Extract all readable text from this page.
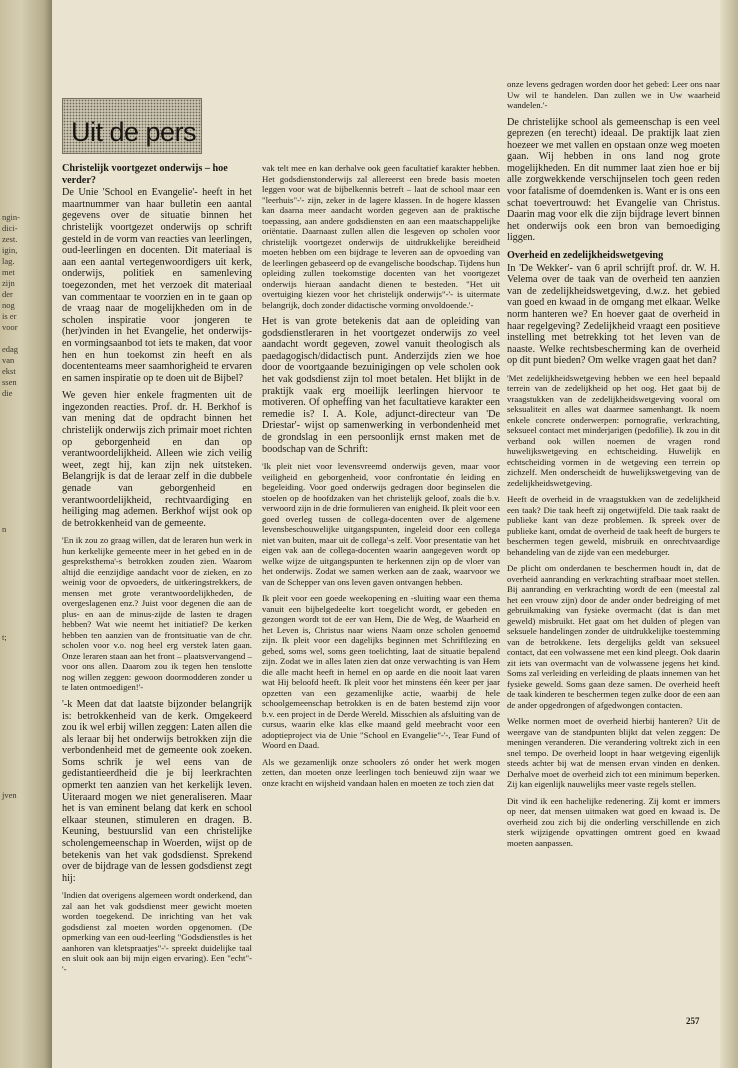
ngin-
dici-
zest.
igin,
lag.
met
zijn
der
nog
is er
voor
edag
van
ekst
ssen
die
n
t;
jven
Uit de pers
Christelijk voortgezet onderwijs – hoe verder?
De Unie 'School en Evangelie'- heeft in het maartnummer van haar bulletin een aantal gegevens over de situatie binnen het christelijk voortgezet onderwijs op schrift gesteld in de vorm van reacties van leerlingen, oud-leerlingen en docenten. Dit materiaal is aan een aantal vertegenwoordigers uit kerk, onderwijs, politiek en samenleving toegezonden, met het verzoek dit materiaal van commentaar te voorzien en in te gaan op de vraag naar de mogelijkheden om in de scholen inspiratie voor jongeren te (her)vinden in het Evangelie, het onderwijs- en vormingsaanbod tot iets te maken, dat voor hen en hun toekomst zin heeft en als docententeams meer saamhorigheid te ervaren en samen inspiratie op te doen uit de Bijbel?
We geven hier enkele fragmenten uit de ingezonden reacties. Prof. dr. H. Berkhof is van mening dat de opdracht binnen het christelijk onderwijs zich primair moet richten op geborgenheid en dan op verantwoordelijkheid. Alleen wie zich veilig weet, zegt hij, kan zijn nek uitsteken. Belangrijk is dat de leraar zelf in die dubbele genade van geborgenheid en verantwoordelijkheid, rechtvaardiging en heiliging mag ademen. Berkhof wijst ook op de betrokkenheid van de gemeente.
'En ik zou zo graag willen, dat de leraren hun werk in hun kerkelijke gemeente meer in het gebed en in de gespreksthema'-s betrokken zouden zien. Waarom altijd die eenzijdige aandacht voor de zieken, en zo weinig voor de opvoeders, de uitkeringstrekkers, de mensen met grote verantwoordelijkheden, de overgeslagenen enz.? Juist voor degenen die aan de plus- en aan de minus-zijde de lasten te dragen hebben? Wat wie neemt het initiatief? De kerken hebben ten aanzien van de frontsituatie van de chr. scholen voor v.o. nog heel erg verstek laten gaan. Onze leraren staan aan het front – plaatsvervangend – voor ons allen. Daarom zou ik tegen hen tenslotte nog willen zeggen: gewoon doormodderen zonder u te laten ontmoedigen!'-
'-k Meen dat dat laatste bijzonder belangrijk is: betrokkenheid van de kerk. Omgekeerd zou ik wel erbij willen zeggen: Laten allen die als leraar bij het onderwijs betrokken zijn die verbondenheid met de gemeente ook zoeken. Soms schrik je wel eens van de gedistantieerdheid die je bij leerkrachten opmerkt ten aanzien van het kerkelijk leven. Uiteraard mogen we niet generaliseren. Maar het is van eminent belang dat kerk en school elkaar steunen, stimuleren en dragen. B. Keuning, bestuurslid van een christelijke scholengemeenschap in Woerden, wijst op de betekenis van het vak godsdienst. Sprekend over de bijdrage van de lessen godsdienst zegt hij:
'Indien dat overigens algemeen wordt onderkend, dan zal aan het vak godsdienst meer gewicht moeten worden toegekend. De inrichting van het vak godsdienst zal moeten worden opgenomen. (De opmerking van een oud-leerling "Godsdienstles is het aanhoren van kletspraatjes"-'- spreekt duidelijke taal en sluit ook aan bij mijn eigen ervaring). Een "echt"-'-
vak telt mee en kan derhalve ook geen facultatief karakter hebben. Het godsdienstonderwijs zal allereerst een brede basis moeten leggen voor wat de bijbelkennis betreft – laat de school maar een "leerhuis"-'- zijn, zeker in de lagere klassen. In de hogere klassen kan daarna meer aandacht worden gegeven aan de praktische toepassing, aan andere godsdiensten en aan een maatschappelijke oriëntatie. Daarnaast zullen allen die lesgeven op scholen voor christelijk voortgezet onderwijs de uitdrukkelijke bereidheid moeten hebben om een bijdrage te leveren aan de opvoeding van de leerlingen gebaseerd op de evangelische boodschap. Tijdens hun opleiding zullen toekomstige docenten van het voortgezet onderwijs hieraan aandacht dienen te besteden. "Het uit overtuiging kiezen voor het christelijk onderwijs"-'- is uitermate belangrijk, doch zonder didactische vorming onvoldoende.'-
Het is van grote betekenis dat aan de opleiding van godsdienstleraren in het voortgezet onderwijs zo veel aandacht wordt gegeven, zowel vanuit theologisch als paedagogisch/didactisch punt. Anderzijds zien we hoe door de voortgaande bezuinigingen op vele scholen ook het vak godsdienst zijn tol moet betalen. Het blijkt in de praktijk vaak erg moeilijk leerlingen hiervoor te motiveren. Of opheffing van het facultatieve karakter een remedie is? I. A. Kole, adjunct-directeur van 'De Driestar'- wijst op samenwerking in verbondenheid met de grondslag in een persoonlijk ernst maken met de boodschap van de Schrift:
'Ik pleit niet voor levensvreemd onderwijs geven, maar voor veiligheid en geborgenheid, voor confrontatie én leiding en begeleiding. Voor goed onderwijs gedragen door beginselen die stoelen op de hoofdzaken van het christelijk geloof, zoals die b.v. verwoord zijn in de drie formulieren van enigheid. Ik pleit voor een goed overleg tussen de collega-docenten over de algemene levensbeschouwelijke uitgangspunten, ingeleid door een collega niet van buiten, maar uit de collega'-s zelf. Voor presentatie van het eigen vak aan de collega-docenten waarin aangegeven wordt op welke wijze de uitgangspunten te herkennen zijn op de vloer van het onderwijs. Zodat we samen werken aan de zaak, waarvoor we van de Schepper van ons leven gaven ontvangen hebben.
Ik pleit voor een goede weekopening en -sluiting waar een thema vanuit een bijbelgedeelte kort toegelicht wordt, er gebeden en gezongen wordt tot de eer van Hem, Die de Weg, de Waarheid en het Leven is, Christus naar wiens Naam onze scholen genoemd zijn. Ik pleit voor een dagelijks beginnen met Schriftlezing en gebed, soms wel, soms geen toelichting, laat de situatie bepalend zijn. Zodat we in alles laten zien dat onze verwachting is van Hem die alle macht heeft in hemel en op aarde en die nooit laat varen wat Hij beloofd heeft. Ik pleit voor het minstens één keer per jaar opzetten van een gezamenlijke actie, waarbij de hele schoolgemeenschap betrokken is en de baten bestemd zijn voor b.v. een project in de Derde Wereld. Misschien als afsluiting van de cursus, waarin elke klas elke maand geld meebracht voor een adoptieproject via de Unie "School en Evangelie"-'-, Tear Fund of Woord en Daad.
Als we gezamenlijk onze schoolers zó onder het werk mogen zetten, dan moeten onze leerlingen toch benieuwd zijn waar we onze kracht en wijsheid vandaan halen en moeten ze toch zien dat
onze levens gedragen worden door het gebed: Leer ons naar Uw wil te handelen. Dan zullen we in Uw waarheid wandelen.'-
De christelijke school als gemeenschap is een veel geprezen (en terecht) ideaal. De praktijk laat zien hoezeer we met vallen en opstaan onze weg moeten gaan. Wij hebben in ons land nog grote mogelijkheden. En dit nummer laat zien hoe er bij alle zorgwekkende verschijnselen toch geen reden voor fatalisme of doemdenken is. Want er is ons een schat toevertrouwd: het Evangelie van Christus. Daarin mag voor elk die zijn bijdrage levert binnen het onderwijs ook een bron van bemoediging liggen.
Overheid en zedelijkheidswetgeving
In 'De Wekker'- van 6 april schrijft prof. dr. W. H. Velema over de taak van de overheid ten aanzien van de zedelijkheidswetgeving, d.w.z. het gebied van goed en kwaad in de omgang met elkaar. Welke norm hanteren we? En hoever gaat de overheid in haar regelgeving? Zedelijkheid vraagt een positieve instelling met betrekking tot het leven van de naaste. Welke rechtsbescherming kan de overheid op dit punt bieden? Om welke vragen gaat het dan?
'Met zedelijkheidswetgeving hebben we een heel bepaald terrein van de zedelijkheid op het oog. Het gaat bij de vraagstukken van de zedelijkheidswetgeving vooral om seksualiteit en alles wat daarmee samenhangt. Ik noem enkele concrete onderwerpen: pornografie, verkrachting, seksueel contact met minderjarigen (pedofilie). Ik zou in dit verband ook willen noemen de vragen rond huwelijkswetgeving en echtscheiding. Huwelijk en echtscheiding vormen in de wetgeving een terrein op zichzelf. Men onderscheidt de huwelijkswetgeving van de zedelijkheidswetgeving.
Heeft de overheid in de vraagstukken van de zedelijkheid een taak? Die taak heeft zij ongetwijfeld. Die taak raakt de publieke kant van deze problemen. Ik spreek over de publieke kant, omdat de overheid de taak heeft de burgers te beschermen tegen geweld, misbruik en onrechtvaardige behandeling van de zijde van een medeburger.
De plicht om onderdanen te beschermen houdt in, dat de overheid aanranding en verkrachting strafbaar moet stellen. Bij aanranding en verkrachting wordt de een (meestal zal het een vrouw zijn) door de ander onder bedreiging of met gebruikmaking van fysieke overmacht (dat is dan met geweld) misbruikt. Het gaat om het dulden of plegen van seksuele handelingen zonder de uitdrukkelijke toestemming van de betrokkene. Iets dergelijks geldt van seksueel contact, dat een volwassene met een kind pleegt. Ook daarin zit iets van overmacht van de volwassene jegens het kind. Soms zal verleiding en verleiding de plaats innemen van het fysieke geweld. Soms gaan deze samen. De overheid heeft de taak kinderen te beschermen tegen zulke door de een aan de ander opgedrongen of afgedwongen contacten.
Welke normen moet de overheid hierbij hanteren? Uit de weergave van de standpunten blijkt dat velen zeggen: De meningen veranderen. Die verandering voltrekt zich in een snel tempo. De overheid loopt in haar wetgeving eigenlijk steeds achter bij wat de mensen ervan vinden en denken. Derhalve moet de overheid zich tot een minimum beperken. Zij kan eigenlijk nauwelijks meer vaste regels stellen.
Dit vind ik een hachelijke redenering. Zij komt er immers op neer, dat mensen uitmaken wat goed en kwaad is. De overheid zou zich bij die onderling verschillende en zich sterk wijzigende opvattingen omtrent goed en kwaad moeten aanpassen.
257
